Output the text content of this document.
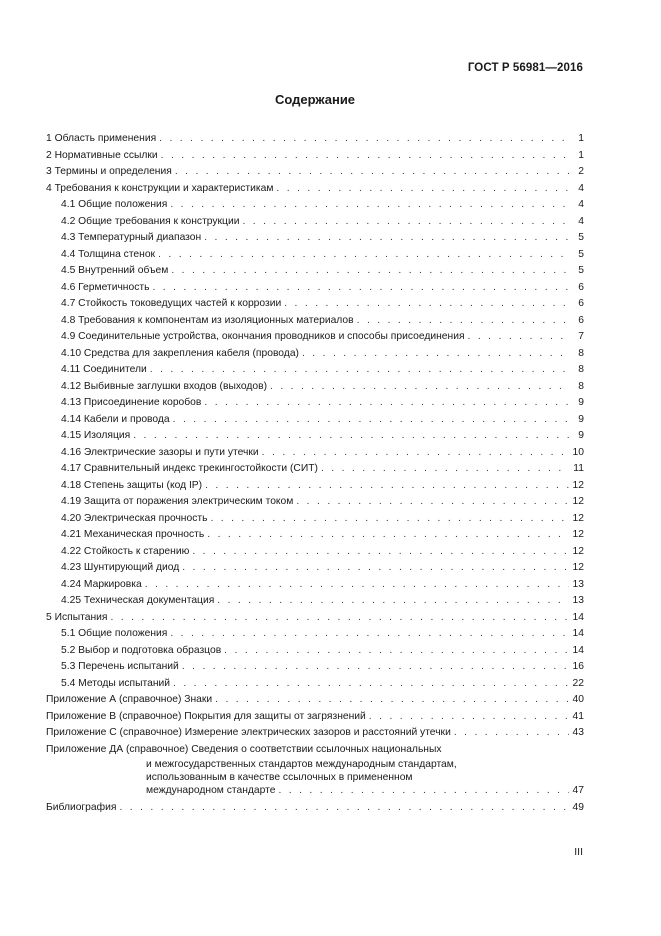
ГОСТ Р 56981—2016
Содержание
1 Область применения . . .	1
2 Нормативные ссылки . . .	1
3 Термины и определения . . .	2
4 Требования к конструкции и характеристикам . . .	4
4.1 Общие положения . . .	4
4.2 Общие требования к конструкции . . .	4
4.3 Температурный диапазон . . .	5
4.4 Толщина стенок . . .	5
4.5 Внутренний объем . . .	5
4.6 Герметичность . . .	6
4.7 Стойкость токоведущих частей к коррозии . . .	6
4.8 Требования к компонентам из изоляционных материалов . . .	6
4.9 Соединительные устройства, окончания проводников и способы присоединения . . .	7
4.10 Средства для закрепления кабеля (провода) . . .	8
4.11 Соединители . . .	8
4.12 Выбивные заглушки входов (выходов) . . .	8
4.13 Присоединение коробов . . .	9
4.14 Кабели и провода . . .	9
4.15 Изоляция . . .	9
4.16 Электрические зазоры и пути утечки . . .	10
4.17 Сравнительный индекс трекингостойкости (СИТ) . . .	11
4.18 Степень защиты (код IP) . . .	12
4.19 Защита от поражения электрическим током . . .	12
4.20 Электрическая прочность . . .	12
4.21 Механическая прочность . . .	12
4.22 Стойкость к старению . . .	12
4.23 Шунтирующий диод . . .	12
4.24 Маркировка . . .	13
4.25 Техническая документация . . .	13
5 Испытания . . .	14
5.1 Общие положения . . .	14
5.2 Выбор и подготовка образцов . . .	14
5.3 Перечень испытаний . . .	16
5.4 Методы испытаний . . .	22
Приложение А (справочное) Знаки . . .	40
Приложение В (справочное) Покрытия для защиты от загрязнений . . .	41
Приложение С (справочное) Измерение электрических зазоров и расстояний утечки . . .	43
Приложение ДА (справочное) Сведения о соответствии ссылочных национальных
и межгосударственных стандартов международным стандартам,
использованным в качестве ссылочных в примененном
международном стандарте . . .	47
Библиография . . .	49
III
